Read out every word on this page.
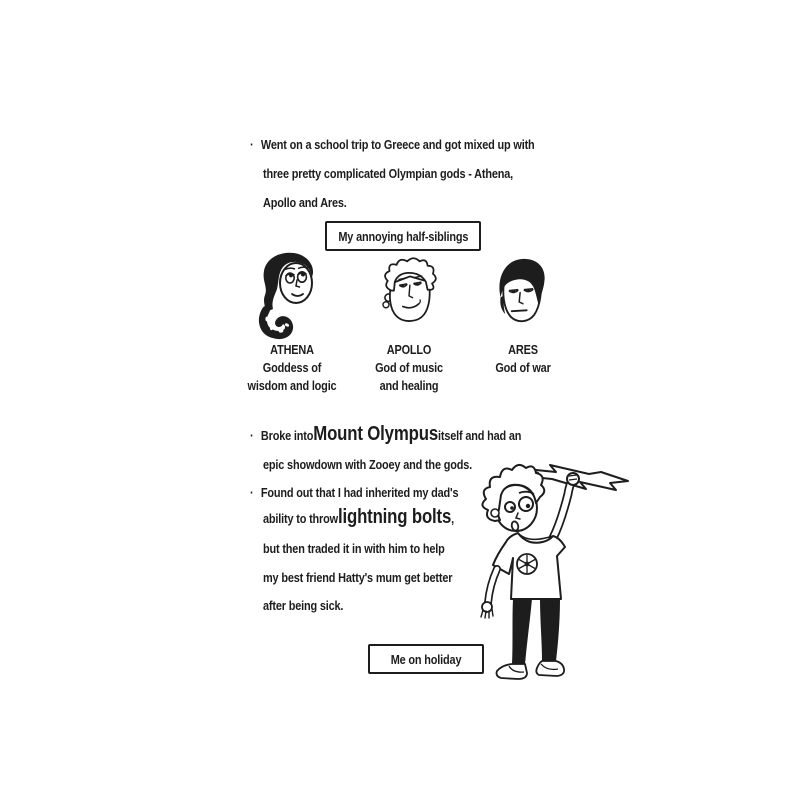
· Went on a school trip to Greece and got mixed up with
three pretty complicated Olympian gods - Athena,
Apollo and Ares.
My annoying half-siblings
ATHENA
Goddess of
wisdom and logic
APOLLO
God of music
and healing
ARES
God of war
· Broke into Mount Olympus itself and had an
epic showdown with Zooey and the gods.
· Found out that I had inherited my dad's
ability to throw lightning bolts ,
but then traded it in with him to help
my best friend Hatty's mum get better
after being sick.
Me on holiday
